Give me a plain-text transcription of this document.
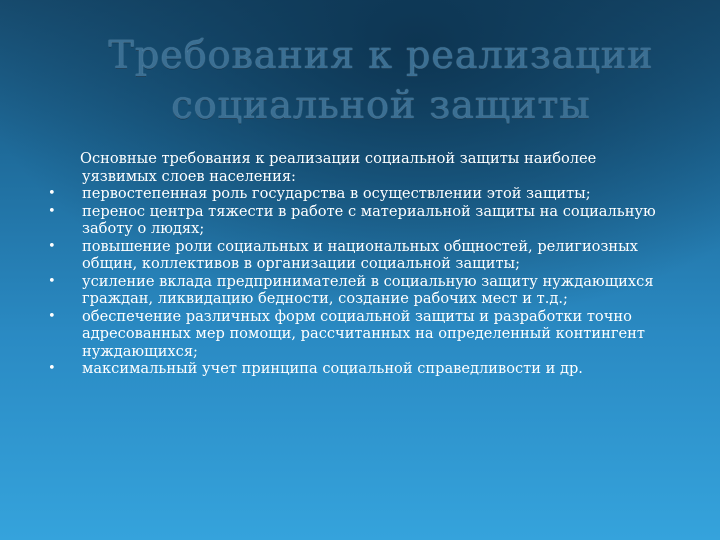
Требования к реализации
социальной защиты

Основные требования к реализации социальной защиты наиболее уязвимых слоев населения:

• первостепенная роль государства в осуществлении этой защиты;
• перенос центра тяжести в работе с материальной защиты на социальную заботу о людях;
• повышение роли социальных и национальных общностей, религиозных общин, коллективов в организации социальной защиты;
• усиление вклада предпринимателей в социальную защиту нуждающихся граждан, ликвидацию бедности, создание рабочих мест и т.д.;
• обеспечение различных форм социальной защиты и разработки точно адресованных мер помощи, рассчитанных на определенный контингент нуждающихся;
• максимальный учет принципа социальной справедливости и др.
